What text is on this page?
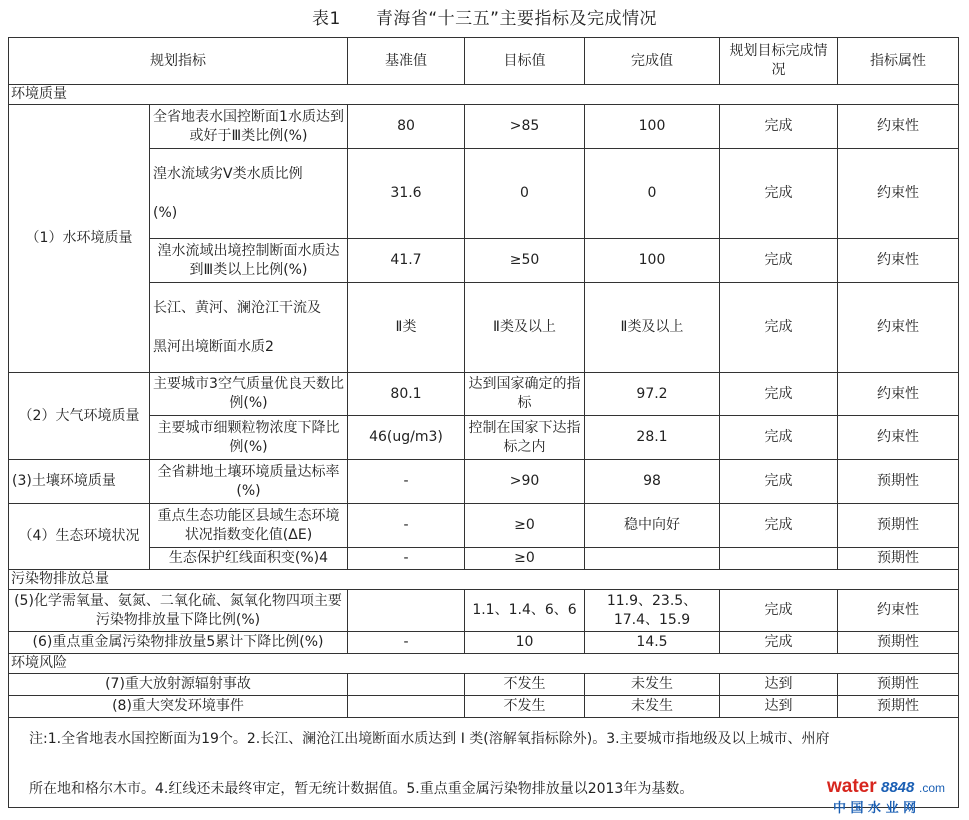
表1　　青海省“十三五”主要指标及完成情况
规划指标		基准值	目标值	完成值	规划目标完成情况	指标属性
环境质量						
（1）水环境质量	全省地表水国控断面1水质达到或好于Ⅲ类比例(%)	80	>85	100	完成	约束性
	湟水流域劣V类水质比例
(%)	31.6	0	0	完成	约束性
	湟水流域出境控制断面水质达到Ⅲ类以上比例(%)	41.7	≥50	100	完成	约束性
	长江、黄河、澜沧江干流及
黑河出境断面水质2	Ⅱ类	Ⅱ类及以上	Ⅱ类及以上	完成	约束性
（2）大气环境质量	主要城市3空气质量优良天数比例(%)	80.1	达到国家确定的指标	97.2	完成	约束性
	主要城市细颗粒物浓度下降比例(%)	46(ug/m3)	控制在国家下达指标之内	28.1	完成	约束性
(3)土壤环境质量	全省耕地土壤环境质量达标率(%)	-	>90	98	完成	预期性
（4）生态环境状况	重点生态功能区县域生态环境状况指数变化值(ΔE)	-	≥0	稳中向好	完成	预期性
	生态保护红线面积变(%)4	-	≥0			预期性
污染物排放总量						
(5)化学需氧量、氨氮、二氧化硫、氮氧化物四项主要污染物排放量下降比例(%)			1.1、1.4、6、6	11.9、23.5、17.4、15.9	完成	约束性
(6)重点重金属污染物排放量5累计下降比例(%)		-	10	14.5	完成	预期性
环境风险						
(7)重大放射源辐射事故			不发生	未发生	达到	预期性
(8)重大突发环境事件			不发生	未发生	达到	预期性

注:1.全省地表水国控断面为19个。2.长江、澜沧江出境断面水质达到 I 类(溶解氧指标除外)。3.主要城市指地级及以上城市、州府
所在地和格尔木市。4.红线还未最终审定，暂无统计数据值。5.重点重金属污染物排放量以2013年为基数。							water 8848 .com
中 国 水 业 网
